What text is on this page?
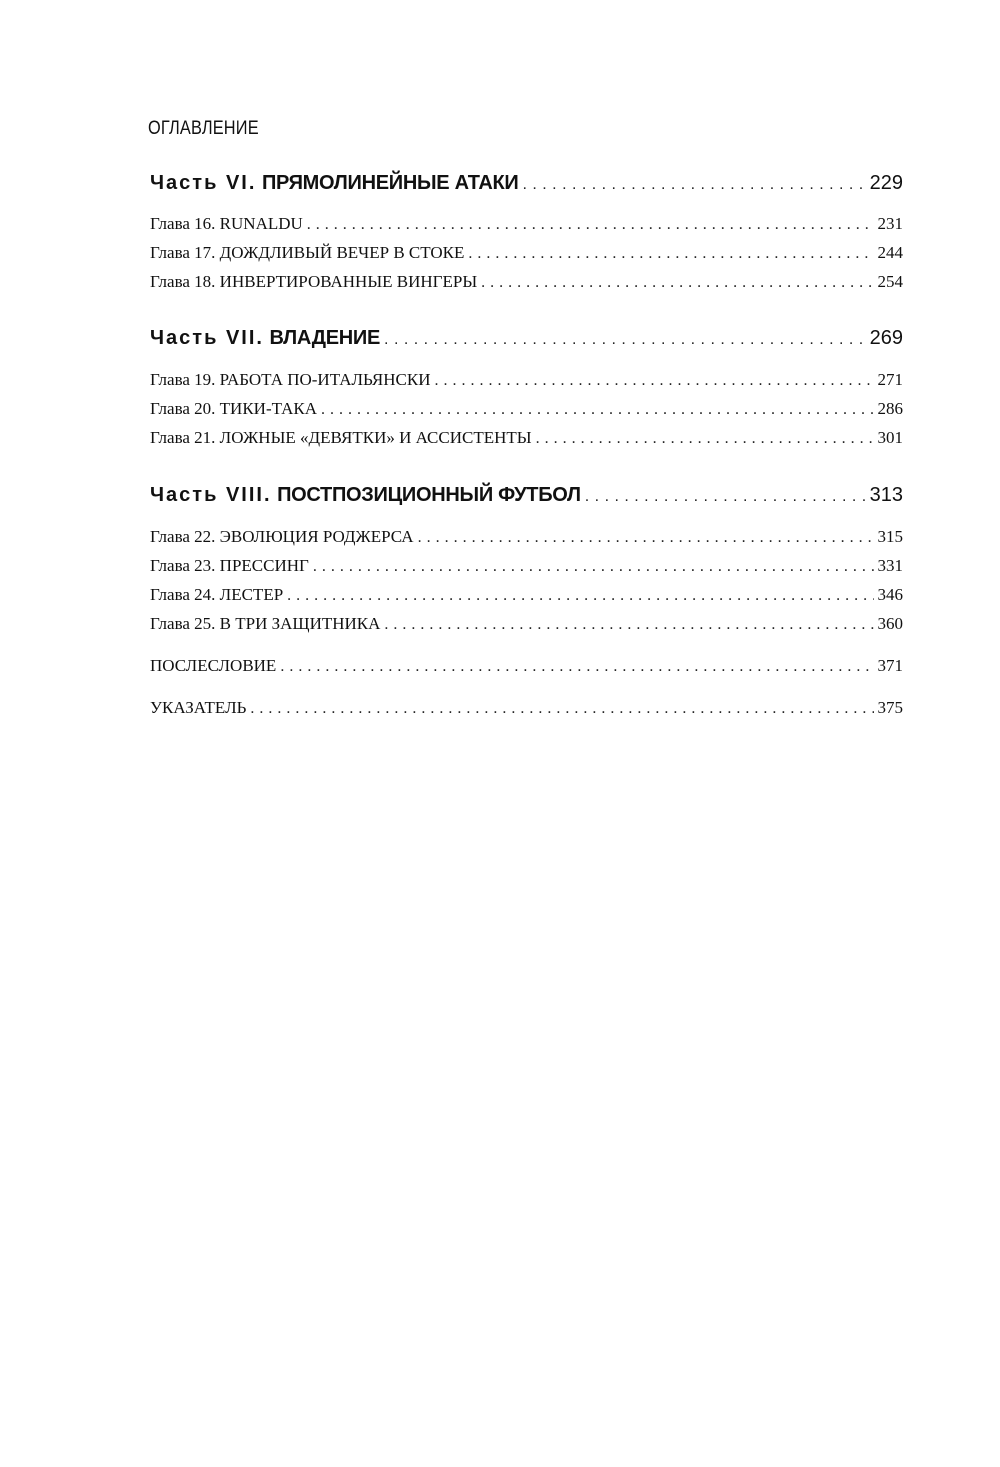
ОГЛАВЛЕНИЕ
Часть VI. ПРЯМОЛИНЕЙНЫЕ АТАКИ . . .	229
Глава 16. RUNALDU . . .	231
Глава 17. ДОЖДЛИВЫЙ ВЕЧЕР В СТОКЕ . . .	244
Глава 18. ИНВЕРТИРОВАННЫЕ ВИНГЕРЫ . . .	254
Часть VII. ВЛАДЕНИЕ . . .	269
Глава 19. РАБОТА ПО-ИТАЛЬЯНСКИ . . .	271
Глава 20. ТИКИ-ТАКА . . .	286
Глава 21. ЛОЖНЫЕ «ДЕВЯТКИ» И АССИСТЕНТЫ . . .	301
Часть VIII. ПОСТПОЗИЦИОННЫЙ ФУТБОЛ . . .	313
Глава 22. ЭВОЛЮЦИЯ РОДЖЕРСА . . .	315
Глава 23. ПРЕССИНГ . . .	331
Глава 24. ЛЕСТЕР . . .	346
Глава 25. В ТРИ ЗАЩИТНИКА . . .	360
ПОСЛЕСЛОВИЕ . . .	371
УКАЗАТЕЛЬ . . .	375
